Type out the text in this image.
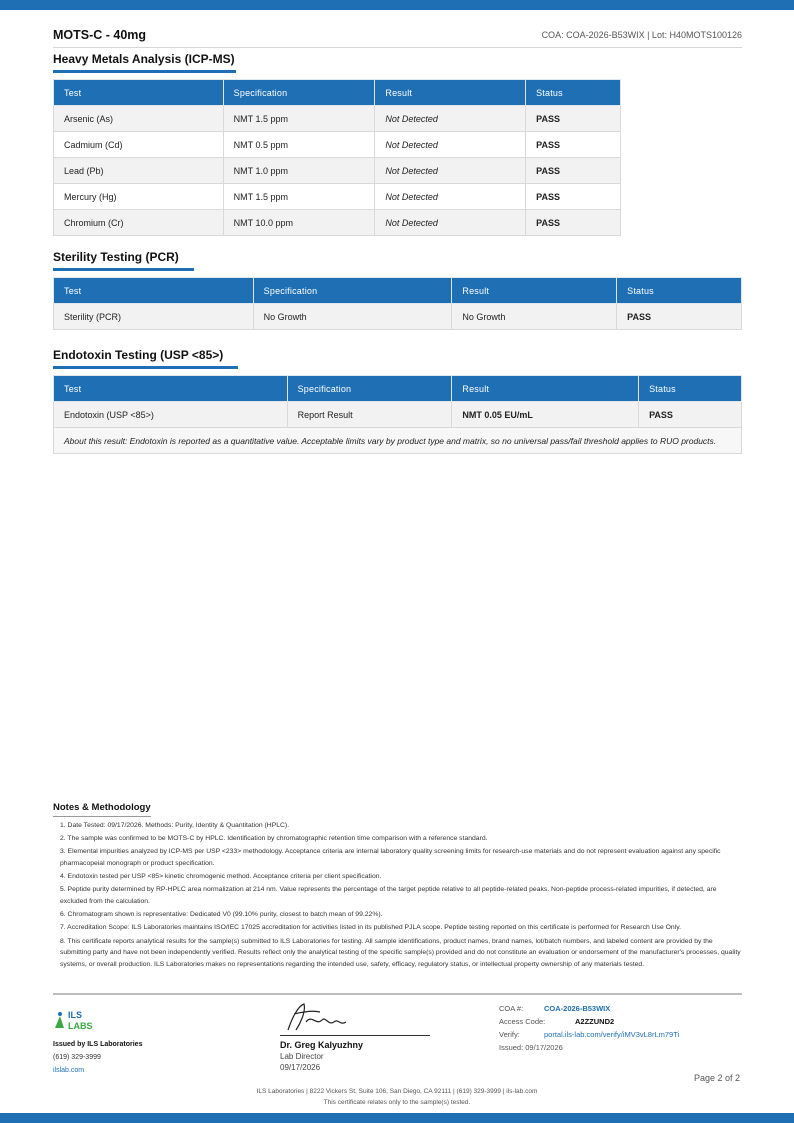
MOTS-C - 40mg	COA: COA-2026-B53WIX | Lot: H40MOTS100126
Heavy Metals Analysis (ICP-MS)
Test	Specification	Result	Status
Arsenic (As)	NMT 1.5 ppm	Not Detected	PASS
Cadmium (Cd)	NMT 0.5 ppm	Not Detected	PASS
Lead (Pb)	NMT 1.0 ppm	Not Detected	PASS
Mercury (Hg)	NMT 1.5 ppm	Not Detected	PASS
Chromium (Cr)	NMT 10.0 ppm	Not Detected	PASS
Sterility Testing (PCR)
Test	Specification	Result	Status
Sterility (PCR)	No Growth	No Growth	PASS
Endotoxin Testing (USP <85>)
Test	Specification	Result	Status
Endotoxin (USP <85>)	Report Result	NMT 0.05 EU/mL	PASS
About this result: Endotoxin is reported as a quantitative value. Acceptable limits vary by product type and matrix, so no universal pass/fail threshold applies to RUO products.			
Notes & Methodology
1. Date Tested: 09/17/2026. Methods: Purity, Identity & Quantitation (HPLC).
2. The sample was confirmed to be MOTS-C by HPLC. Identification by chromatographic retention time comparison with a reference standard.
3. Elemental impurities analyzed by ICP-MS per USP <233> methodology. Acceptance criteria are internal laboratory quality screening limits for research-use materials and do not represent evaluation against any specific pharmacopeial monograph or product specification.
4. Endotoxin tested per USP <85> kinetic chromogenic method. Acceptance criteria per client specification.
5. Peptide purity determined by RP-HPLC area normalization at 214 nm. Value represents the percentage of the target peptide relative to all peptide-related peaks. Non-peptide process-related impurities, if detected, are excluded from the calculation.
6. Chromatogram shown is representative: Dedicated V0 (99.10% purity, closest to batch mean of 99.22%).
7. Accreditation Scope: ILS Laboratories maintains ISO/IEC 17025 accreditation for activities listed in its published PJLA scope. Peptide testing reported on this certificate is performed for Research Use Only.
8. This certificate reports analytical results for the sample(s) submitted to ILS Laboratories for testing. All sample identifications, product names, brand names, lot/batch numbers, and labeled content are provided by the submitting party and have not been independently verified. Results reflect only the analytical testing of the specific sample(s) provided and do not constitute an evaluation or endorsement of the manufacturer's processes, quality systems, or overall production. ILS Laboratories makes no representations regarding the intended use, safety, efficacy, regulatory status, or intellectual property ownership of any materials tested.
ILS
LABS
Issued by ILS Laboratories
(619) 329-3999
ilslab.com
Dr. Greg Kalyuzhny
Lab Director
09/17/2026
COA #:	COA-2026-B53WIX
Access Code:	A2ZZUND2
Verify:	portal.ils-lab.com/verify/iMV3vL8rLm79Ti
Issued: 09/17/2026
Page 2 of 2
ILS Laboratories | 8222 Vickers St, Suite 106, San Diego, CA 92111 | (619) 329-3999 | ils-lab.com
This certificate relates only to the sample(s) tested.
